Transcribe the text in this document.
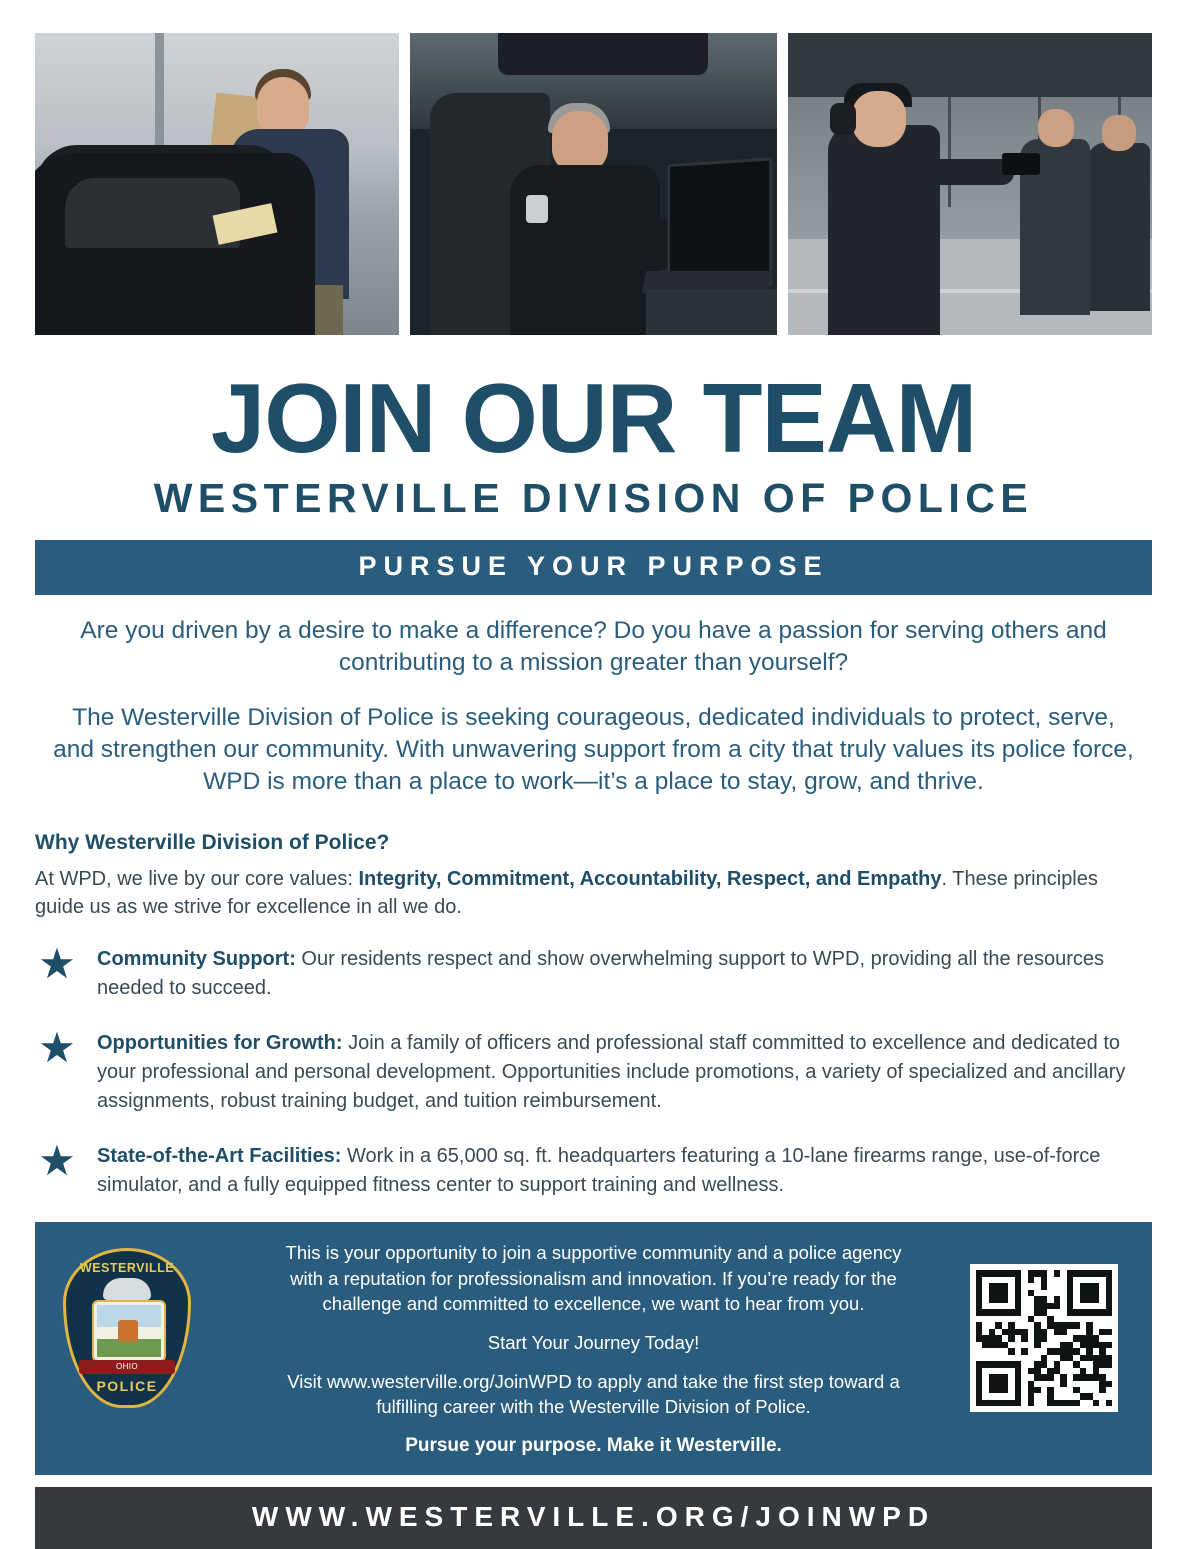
JOIN OUR TEAM
WESTERVILLE DIVISION OF POLICE
PURSUE YOUR PURPOSE
Are you driven by a desire to make a difference? Do you have a passion for serving others and contributing to a mission greater than yourself?
The Westerville Division of Police is seeking courageous, dedicated individuals to protect, serve, and strengthen our community. With unwavering support from a city that truly values its police force, WPD is more than a place to work—it’s a place to stay, grow, and thrive.
Why Westerville Division of Police?
At WPD, we live by our core values: Integrity, Commitment, Accountability, Respect, and Empathy. These principles guide us as we strive for excellence in all we do.
★ Community Support: Our residents respect and show overwhelming support to WPD, providing all the resources needed to succeed.
★ Opportunities for Growth: Join a family of officers and professional staff committed to excellence and dedicated to your professional and personal development. Opportunities include promotions, a variety of specialized and ancillary assignments, robust training budget, and tuition reimbursement.
★ State-of-the-Art Facilities: Work in a 65,000 sq. ft. headquarters featuring a 10-lane firearms range, use-of-force simulator, and a fully equipped fitness center to support training and wellness.
WESTERVILLE
OHIO
POLICE

This is your opportunity to join a supportive community and a police agency with a reputation for professionalism and innovation. If you’re ready for the challenge and committed to excellence, we want to hear from you.

Start Your Journey Today!

Visit www.westerville.org/JoinWPD to apply and take the first step toward a fulfilling career with the Westerville Division of Police.

Pursue your purpose. Make it Westerville.

WWW.WESTERVILLE.ORG/JOINWPD
